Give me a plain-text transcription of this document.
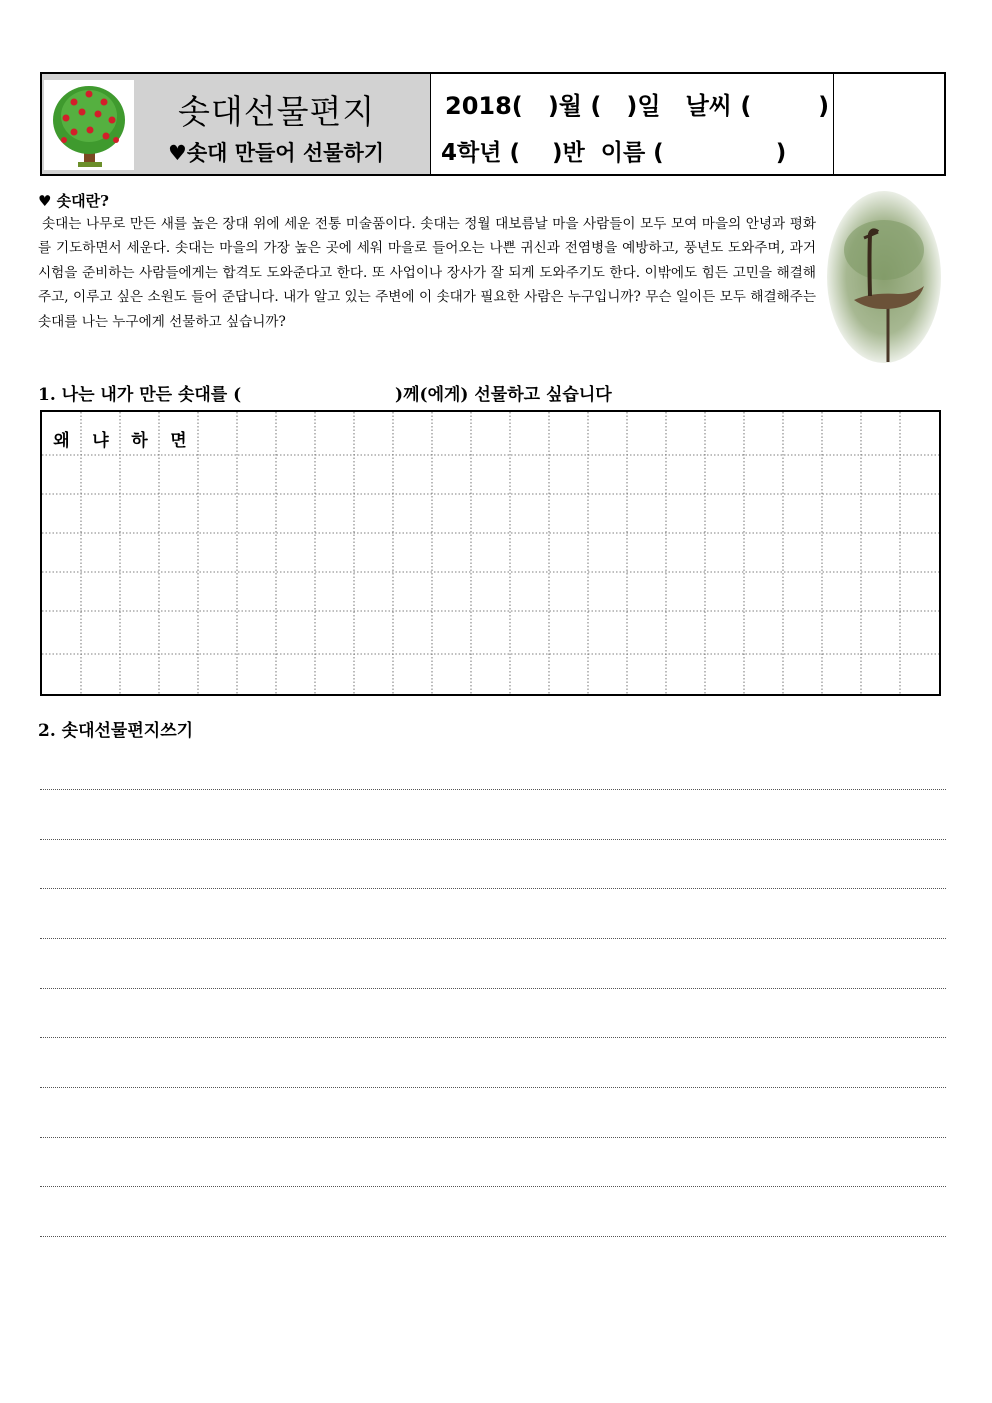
솟대선물편지
♥솟대 만들어 선물하기
2018(   )월 (   )일   날씨 (        )
4학년 (    )반  이름 (              )
♥ 솟대란?

솟대는 나무로 만든 새를 높은 장대 위에 세운 전통 미술품이다. 솟대는 정월 대보름날 마을 사람들이 모두 모여 마을의 안녕과 평화를 기도하면서 세운다. 솟대는 마을의 가장 높은 곳에 세워 마을로 들어오는 나쁜 귀신과 전염병을 예방하고, 풍년도 도와주며, 과거시험을 준비하는 사람들에게는 합격도 도와준다고 한다. 또 사업이나 장사가 잘 되게 도와주기도 한다. 이밖에도 힘든 고민을 해결해주고, 이루고 싶은 소원도 들어 준답니다. 내가 알고 있는 주변에 이 솟대가 필요한 사람은 누구입니까? 무슨 일이든 모두 해결해주는 솟대를 나는 누구에게 선물하고 싶습니까?

1. 나는 내가 만든 솟대를 (                          )께(에게) 선물하고 싶습니다
왜	냐	하	면
2. 솟대선물편지쓰기
